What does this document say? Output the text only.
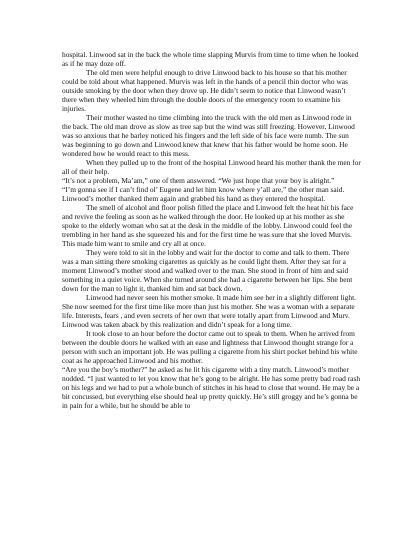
hospital. Linwood sat in the back the whole time slapping Murvis from time to time when he looked as if he may doze off.

The old men were helpful enough to drive Linwood back to his house so that his mother could be told about what happened. Murvis was left in the hands of a pencil thin doctor who was outside smoking by the door when they drove up. He didn’t seem to notice that Linwood wasn’t there when they wheeled him through the double doors of the emergency room to examine his injuries.

Their mother wasted no time climbing into the truck with the old men as Linwood rode in the back. The old man drove as slow as tree sap but the wind was still freezing. However, Linwood was so anxious that he barley noticed his fingers and the left side of his face were numb. The sun was beginning to go down and Linwood knew that knew that his father would be home soon. He wondered how he would react to this mess.

When they pulled up to the front of the hospital Linwood heard his mother thank the men for all of their help.

“It’s not a problem, Ma’am,” one of them answered. “We just hope that your boy is alright.”

“I’m gonna see if I can’t find ol’ Eugene and let him know where y’all are,” the other man said. Linwood’s mother thanked them again and grabbed his hand as they entered the hospital.

The smell of alcohol and floor polish filled the place and Linwood felt the heat hit his face and revive the feeling as soon as he walked through the door. He looked up at his mother as she spoke to the elderly woman who sat at the desk in the middle of the lobby. Linwood could feel the trembling in her hand as she squeezed his and for the first time he was sure that she loved Murvis. This made him want to smile and cry all at once.

They were told to sit in the lobby and wait for the doctor to come and talk to them. There was a man sitting there smoking cigarettes as quickly as he could light them. After they sat for a moment Linwood’s mother stood and walked over to the man. She stood in front of him and said something in a quiet voice. When she turned around she had a cigarette between her lips. She bent down for the man to light it, thanked him and sat back down.

Linwood had never seen his mother smoke. It made him see her in a slightly different light. She now seemed for the first time like more than just his mother. She was a woman with a separate life. Interests, fears , and even secrets of her own that were totally apart from Linwood and Murv. Linwood was taken aback by this realization and didn’t speak for a long time.

It took close to an hour before the doctor came out to speak to them. When he arrived from between the double doors he walked with an ease and lightness that Linwood thought strange for a person with such an important job. He was pulling a cigarette from his shirt pocket behind his white coat as he approached Linwood and his mother.

“Are you the boy’s mother?” he asked as he lit his cigarette with a tiny match. Linwood’s mother nodded. “I just wanted to let you know that he’s gong to be alright. He has some pretty bad road rash on his legs and we had to put a whole bunch of stitches in his head to close that wound. He may be a bit concussed, but everything else should heal up pretty quickly. He’s still groggy and he’s gonna be in pain for a while, but he should be able to
